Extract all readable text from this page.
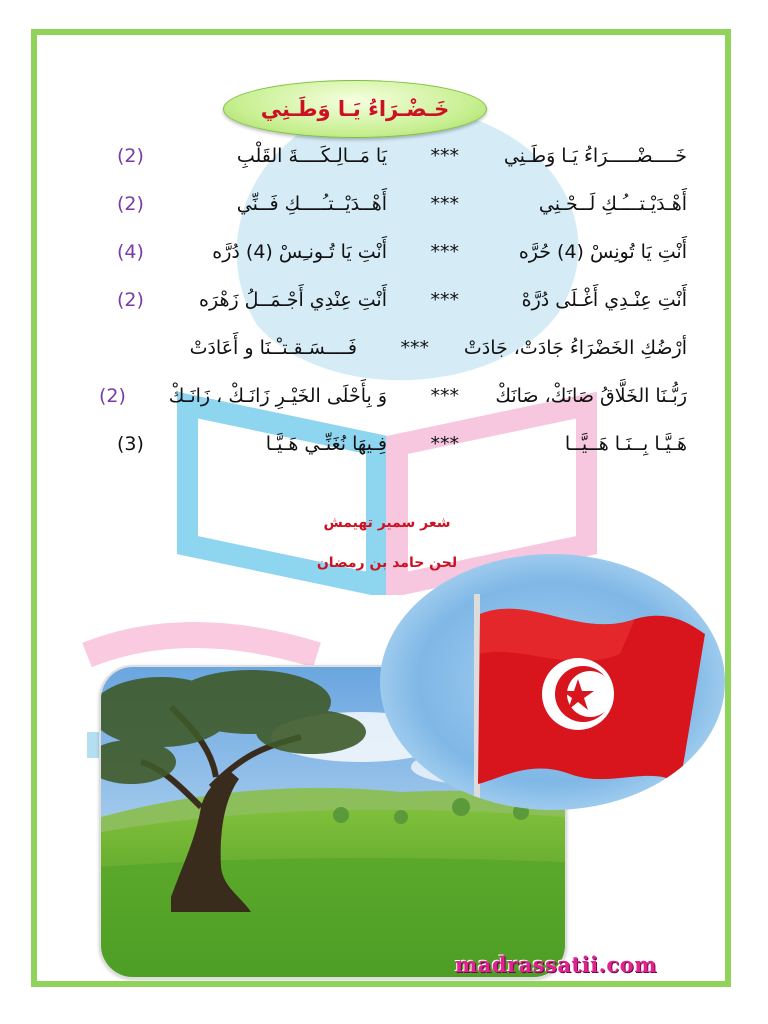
خَـضْـرَاءُ يَـا وَطَـنِي
خَــــضْـــــرَاءُ يَـا وَطَـنِي
***
يَا مَــالِـكَــــةَ القَلْبِ
(2)
أَهْـدَيْـتـــُـكِ لَــحْـنِي
***
أَهْــدَيْــتـُــــكِ فَــنِّي
(2)
أَنْتِ يَا تُونِسْ (4) حُرَّه
***
أَنْتِ يَا تُـونـِسْ (4) دُرَّه
(4)
أَنْتِ عِنْـدِي أَغْـلَى دُرَّهْ
***
أَنْتِ عِنْدِي أَجْـمَــلُ زَهْرَه
(2)
أرْضُكِ الخَضْرَاءُ جَادَتْ، جَادَتْ
***
فَــــسَـقـتـْـنَا و أَعَادَتْ
رَبُّـنَا الخَلَّاقُ صَانَكْ، صَانَكْ
***
وَ بِأَحْلَى الخَيْـرِ زَانَـكْ ، زَانَـكْ
(2)
هَـيَّـا بِــنَـا هَــيَّــا
***
فِـيهَا نُغَنِّـي هَـيَّـا
(3)
شعر سمير تهيمش
لحن حامد بن رمضان
madrassatii.com
